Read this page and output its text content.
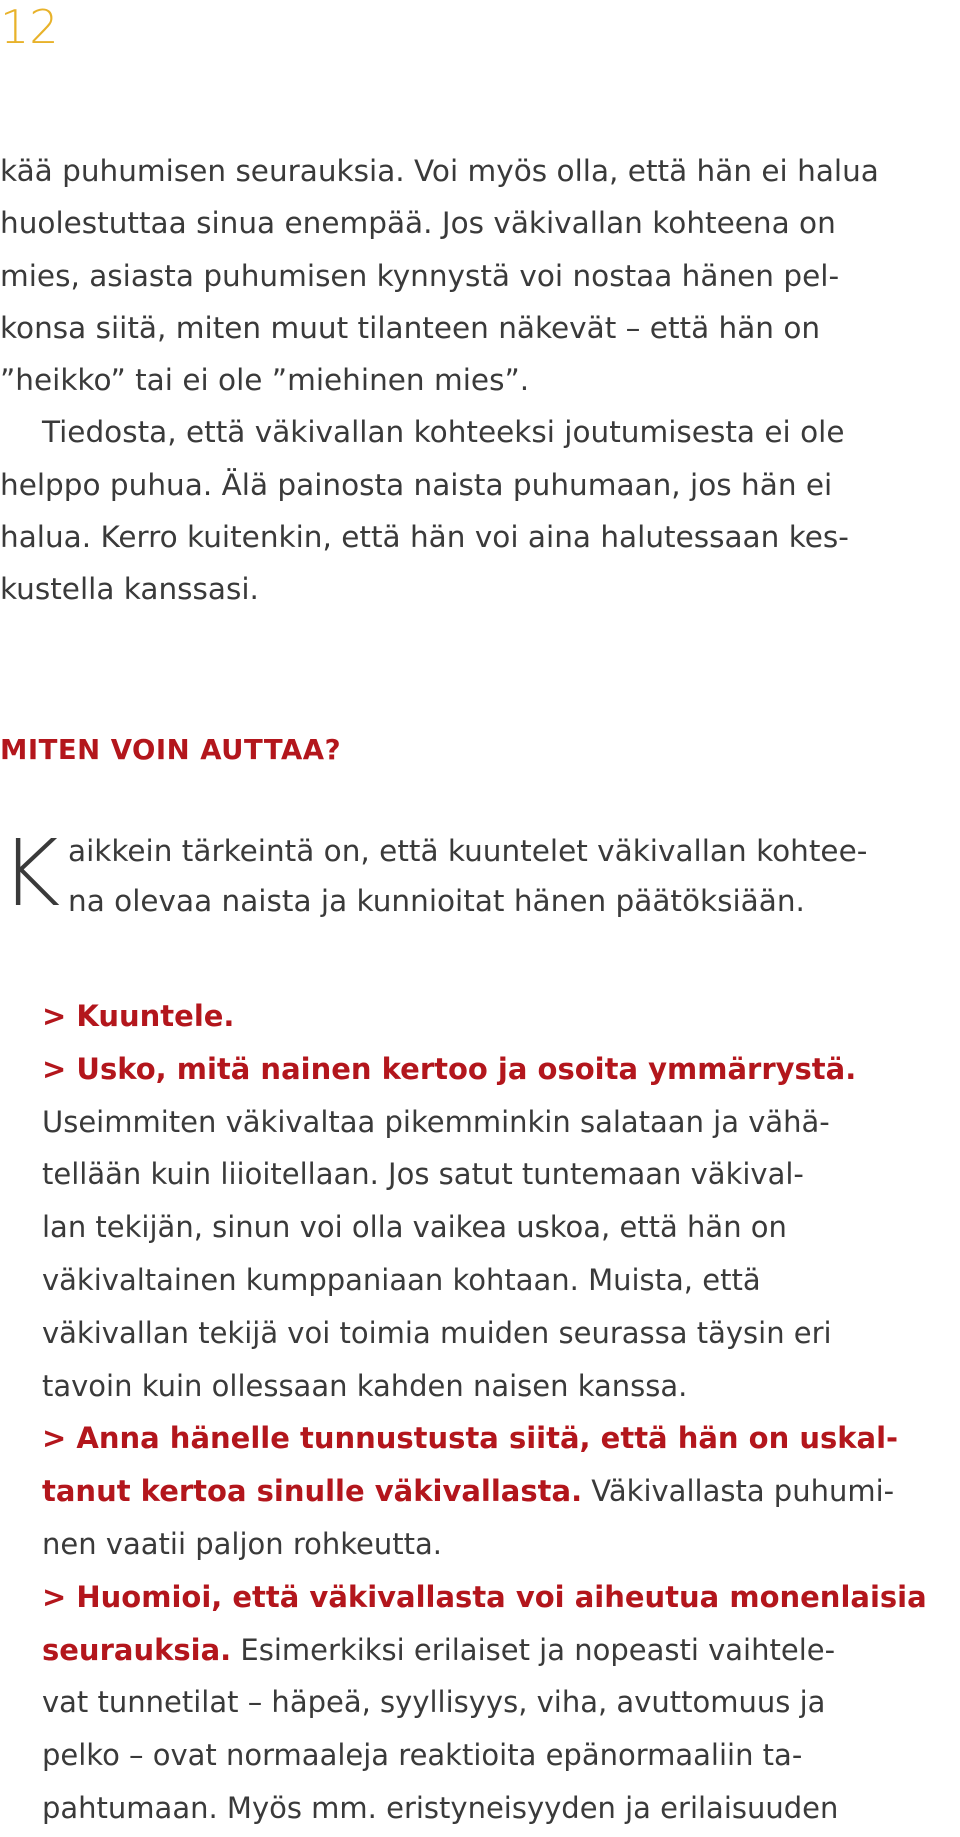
12

kää puhumisen seurauksia. Voi myös olla, että hän ei halua
huolestuttaa sinua enempää. Jos väkivallan kohteena on
mies, asiasta puhumisen kynnystä voi nostaa hänen pel-
konsa siitä, miten muut tilanteen näkevät – että hän on
”heikko” tai ei ole ”miehinen mies”.

Tiedosta, että väkivallan kohteeksi joutumisesta ei ole
helppo puhua. Älä painosta naista puhumaan, jos hän ei
halua. Kerro kuitenkin, että hän voi aina halutessaan kes-
kustella kanssasi.

MITEN VOIN AUTTAA?
K aikkein tärkeintä on, että kuuntelet väkivallan kohtee-
na olevaa naista ja kunnioitat hänen päätöksiään.
> Kuuntele.
> Usko, mitä nainen kertoo ja osoita ymmärrystä.
Useimmiten väkivaltaa pikemminkin salataan ja vähä-
tellään kuin liioitellaan. Jos satut tuntemaan väkival-
lan tekijän, sinun voi olla vaikea uskoa, että hän on
väkivaltainen kumppaniaan kohtaan. Muista, että
väkivallan tekijä voi toimia muiden seurassa täysin eri
tavoin kuin ollessaan kahden naisen kanssa.
> Anna hänelle tunnustusta siitä, että hän on uskal-
tanut kertoa sinulle väkivallasta. Väkivallasta puhumi-
nen vaatii paljon rohkeutta.
> Huomioi, että väkivallasta voi aiheutua monenlaisia
seurauksia. Esimerkiksi erilaiset ja nopeasti vaihtele-
vat tunnetilat – häpeä, syyllisyys, viha, avuttomuus ja
pelko – ovat normaaleja reaktioita epänormaaliin ta-
pahtumaan. Myös mm. eristyneisyyden ja erilaisuuden
